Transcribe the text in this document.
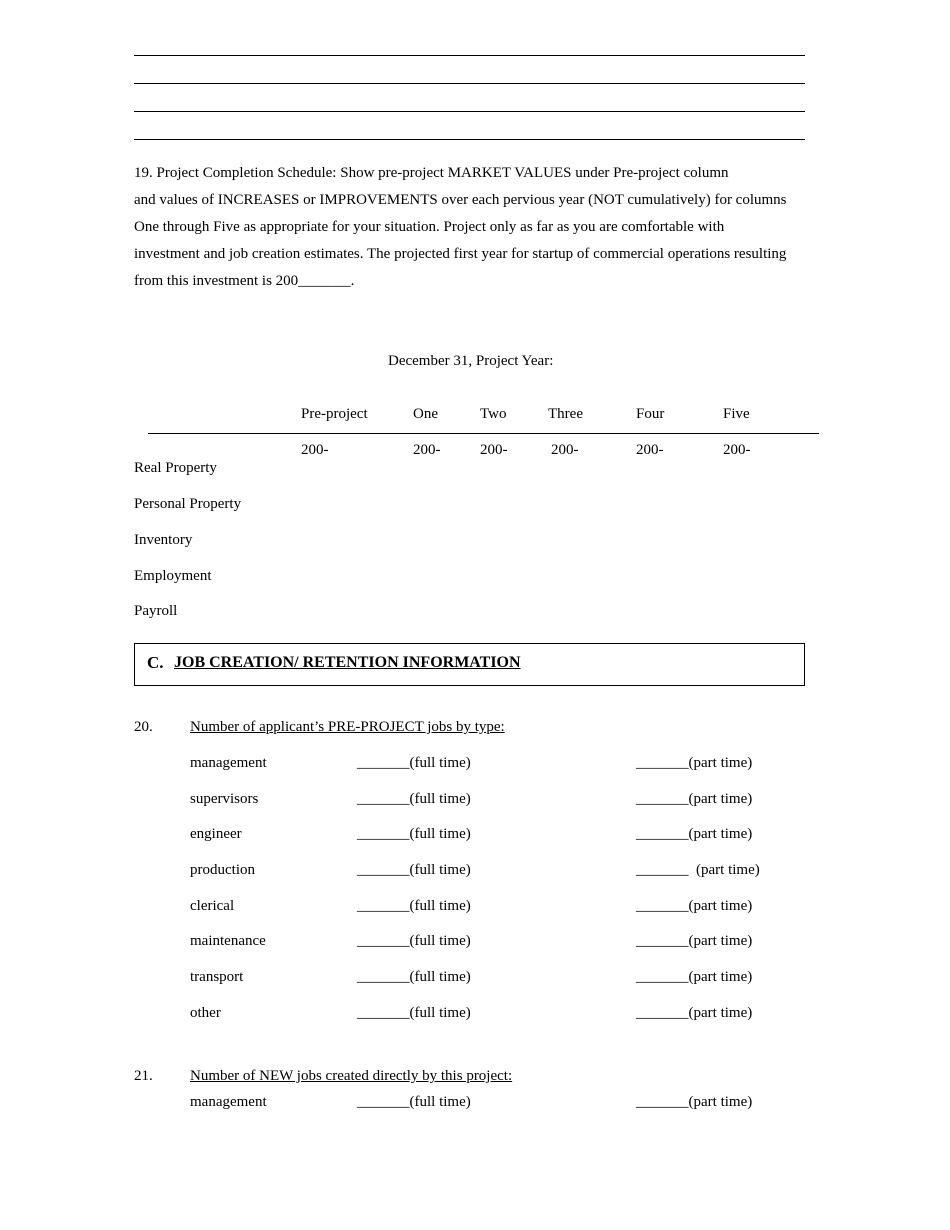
19. Project Completion Schedule: Show pre-project MARKET VALUES under Pre-project column
and values of INCREASES or IMPROVEMENTS over each pervious year (NOT cumulatively) for columns
One through Five as appropriate for your situation. Project only as far as you are comfortable with
investment and job creation estimates. The projected first year for startup of commercial operations resulting
from this investment is 200_______.
December 31, Project Year:
Pre-project	One	Two	Three	Four	Five
200-	200-	200-	200-	200-	200-
Real Property
Personal Property
Inventory
Employment
Payroll
C. JOB CREATION/ RETENTION INFORMATION
20. Number of applicant’s PRE-PROJECT jobs by type:
management	_______(full time)	_______(part time)
supervisors	_______(full time)	_______(part time)
engineer	_______(full time)	_______(part time)
production	_______(full time)	_______  (part time)
clerical	_______(full time)	_______(part time)
maintenance	_______(full time)	_______(part time)
transport	_______(full time)	_______(part time)
other	_______(full time)	_______(part time)
21. Number of NEW jobs created directly by this project:
management	_______(full time)	_______(part time)
